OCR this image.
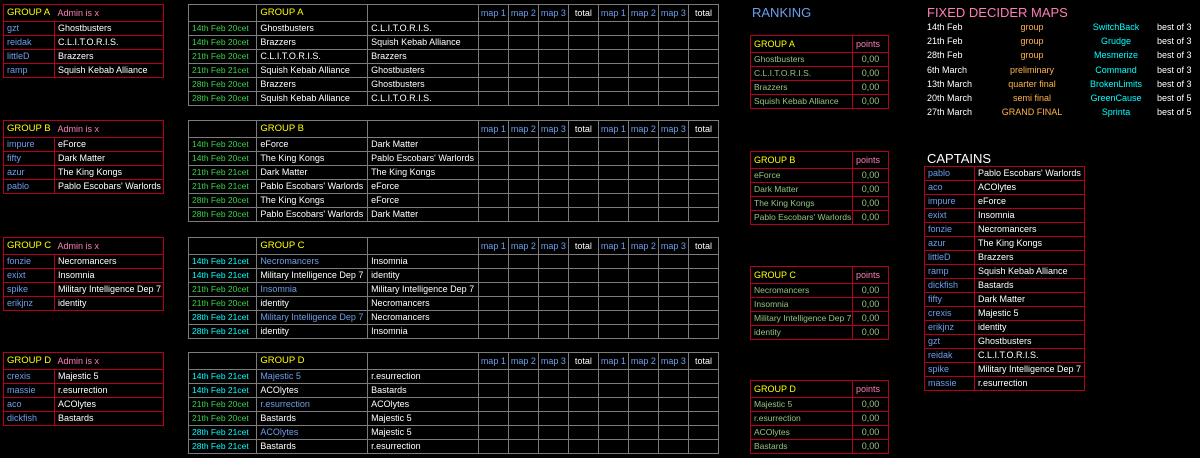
GROUP A	Admin is x
gzt	Ghostbusters
reidak	C.L.I.T.O.R.I.S.
littleD	Brazzers
ramp	Squish Kebab Alliance
GROUP B	Admin is x
impure	eForce
fifty	Dark Matter
azur	The King Kongs
pablo	Pablo Escobars' Warlords
GROUP C	Admin is x
fonzie	Necromancers
exixt	Insomnia
spike	Military Intelligence Dep 7
erikjnz	identity
GROUP D	Admin is x
crexis	Majestic 5
massie	r.esurrection
aco	ACOlytes
dickfish	Bastards
	GROUP A		map 1	map 2	map 3	total	map 1	map 2	map 3	total
14th Feb 20cet	Ghostbusters	C.L.I.T.O.R.I.S.								
14th Feb 20cet	Brazzers	Squish Kebab Alliance								
21th Feb 20cet	C.L.I.T.O.R.I.S.	Brazzers								
21th Feb 21cet	Squish Kebab Alliance	Ghostbusters								
28th Feb 20cet	Brazzers	Ghostbusters								
28th Feb 20cet	Squish Kebab Alliance	C.L.I.T.O.R.I.S.								
	GROUP B		map 1	map 2	map 3	total	map 1	map 2	map 3	total
14th Feb 20cet	eForce	Dark Matter								
14th Feb 20cet	The King Kongs	Pablo Escobars' Warlords								
21th Feb 21cet	Dark Matter	The King Kongs								
21th Feb 21cet	Pablo Escobars' Warlords	eForce								
28th Feb 20cet	The King Kongs	eForce								
28th Feb 20cet	Pablo Escobars' Warlords	Dark Matter								
	GROUP C		map 1	map 2	map 3	total	map 1	map 2	map 3	total
14th Feb 21cet	Necromancers	Insomnia								
14th Feb 21cet	Military Intelligence Dep 7	identity								
21th Feb 20cet	Insomnia	Military Intelligence Dep 7								
21th Feb 20cet	identity	Necromancers								
28th Feb 21cet	Military Intelligence Dep 7	Necromancers								
28th Feb 21cet	identity	Insomnia								
	GROUP D		map 1	map 2	map 3	total	map 1	map 2	map 3	total
14th Feb 21cet	Majestic 5	r.esurrection								
14th Feb 21cet	ACOlytes	Bastards								
21th Feb 20cet	r.esurrection	ACOlytes								
21th Feb 20cet	Bastards	Majestic 5								
28th Feb 21cet	ACOlytes	Majestic 5								
28th Feb 21cet	Bastards	r.esurrection								
RANKING
GROUP A	points
Ghostbusters	0,00
C.L.I.T.O.R.I.S.	0,00
Brazzers	0,00
Squish Kebab Alliance	0,00
GROUP B	points
eForce	0,00
Dark Matter	0,00
The King Kongs	0,00
Pablo Escobars' Warlords	0,00
GROUP C	points
Necromancers	0,00
Insomnia	0,00
Military Intelligence Dep 7	0,00
identity	0,00
GROUP D	points
Majestic 5	0,00
r.esurrection	0,00
ACOlytes	0,00
Bastards	0,00
FIXED DECIDER MAPS
14th Feb	group	SwitchBack	best of 3
21th Feb	group	Grudge	best of 3
28th Feb	group	Mesmerize	best of 3
6th March	preliminary	Command	best of 3
13th March	quarter final	BrokenLimits	best of 3
20th March	semi final	GreenCause	best of 5
27th March	GRAND FINAL	Sprinta	best of 5
CAPTAINS
pablo	Pablo Escobars' Warlords
aco	ACOlytes
impure	eForce
exixt	Insomnia
fonzie	Necromancers
azur	The King Kongs
littleD	Brazzers
ramp	Squish Kebab Alliance
dickfish	Bastards
fifty	Dark Matter
crexis	Majestic 5
erikjnz	identity
gzt	Ghostbusters
reidak	C.L.I.T.O.R.I.S.
spike	Military Intelligence Dep 7
massie	r.esurrection
